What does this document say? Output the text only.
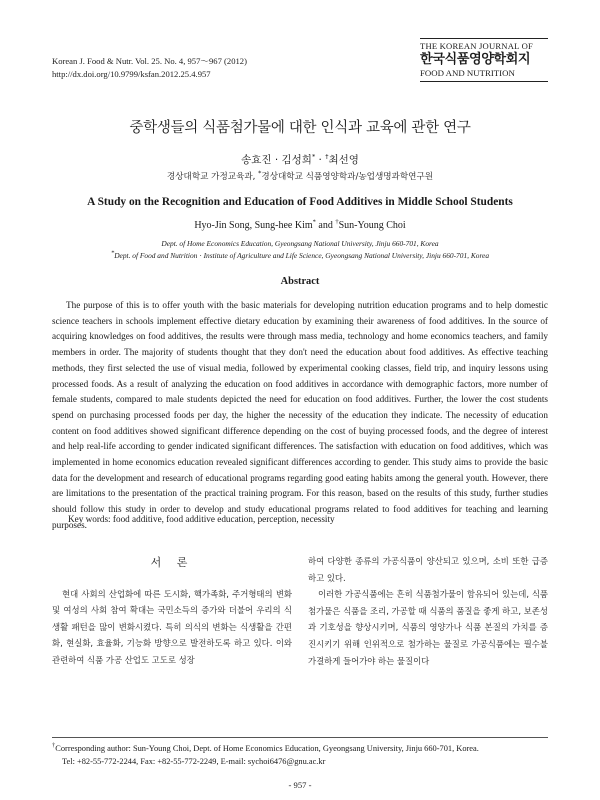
Korean J. Food & Nutr. Vol. 25. No. 4, 957～967 (2012)
http://dx.doi.org/10.9799/ksfan.2012.25.4.957
THE KOREAN JOURNAL OF
한국식품영양학회지
FOOD AND NUTRITION
중학생들의 식품첨가물에 대한 인식과 교육에 관한 연구
송효진 · 김성희* · †최선영
경상대학교 가정교육과, *경상대학교 식품영양학과/농업생명과학연구원
A Study on the Recognition and Education of Food Additives in Middle School Students
Hyo-Jin Song, Sung-hee Kim* and †Sun-Young Choi
Dept. of Home Economics Education, Gyeongsang National University, Jinju 660-701, Korea
*Dept. of Food and Nutrition ⋅ Institute of Agriculture and Life Science, Gyeongsang National University, Jinju 660-701, Korea
Abstract

The purpose of this is to offer youth with the basic materials for developing nutrition education programs and to help domestic science teachers in schools implement effective dietary education by examining their awareness of food additives. In the source of acquiring knowledges on food additives, the results were through mass media, technology and home economics teachers, and family members in order. The majority of students thought that they don't need the education about food additives. As effective teaching methods, they first selected the use of visual media, followed by experimental cooking classes, field trip, and inquiry lessons using processed foods. As a result of analyzing the education on food additives in accordance with demographic factors, more number of female students, compared to male students depicted the need for education on food additives. Further, the lower the cost students spend on purchasing processed foods per day, the higher the necessity of the education they indicate. The necessity of education content on food additives showed significant difference depending on the cost of buying processed foods, and the degree of interest and help real-life according to gender indicated significant differences. The satisfaction with education on food additives, which was implemented in home economics education revealed significant differences according to gender. This study aims to provide the basic data for the development and research of educational programs regarding good eating habits among the general youth. However, there are limitations to the presentation of the practical training program. For this reason, based on the results of this study, further studies should follow this study in order to develop and study educational programs related to food additives for teaching and learning purposes.

Key words: food additive, food additive education, perception, necessity
서 론

현대 사회의 산업화에 따른 도시화, 핵가족화, 주거형태의 변화 및 여성의 사회 참여 확대는 국민소득의 증가와 더불어 우리의 식생활 패턴을 많이 변화시켰다. 특히 의식의 변화는 식생활을 간편화, 현실화, 효율화, 기능화 방향으로 발전하도록 하고 있다. 이와 관련하여 식품 가공 산업도 고도로 성장

하여 다양한 종류의 가공식품이 양산되고 있으며, 소비 또한 급증하고 있다.

이러한 가공식품에는 흔히 식품첨가물이 함유되어 있는데, 식품첨가물은 식품을 조리, 가공할 때 식품의 품질을 좋게 하고, 보존성과 기호성을 향상시키며, 식품의 영양가나 식품 본질의 가치를 증진시키기 위해 인위적으로 첨가하는 물질로 가공식품에는 필수불가결하게 들어가야 하는 물질이다

†Corresponding author: Sun-Young Choi, Dept. of Home Economics Education, Gyeongsang University, Jinju 660-701, Korea.
Tel: +82-55-772-2244, Fax: +82-55-772-2249, E-mail: sychoi6476@gnu.ac.kr
- 957 -
